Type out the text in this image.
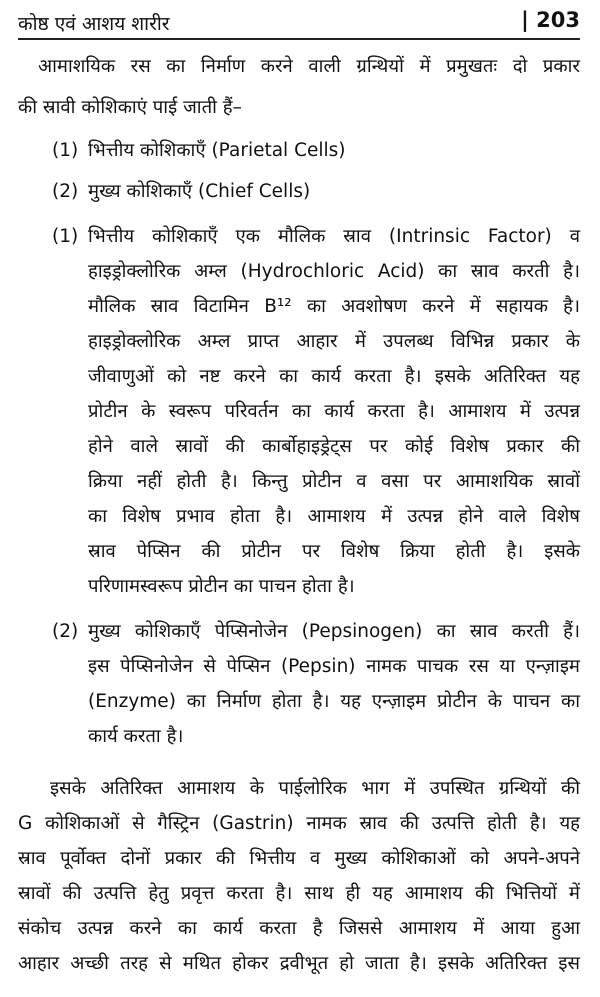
कोष्ठ एवं आशय शारीर	| 203
आमाशयिक रस का निर्माण करने वाली ग्रन्थियों में प्रमुखतः दो प्रकार
की स्रावी कोशिकाएं पाई जाती हैं–
(1) भित्तीय कोशिकाएँ (Parietal Cells)
(2) मुख्य कोशिकाएँ (Chief Cells)
(1) भित्तीय कोशिकाएँ एक मौलिक स्राव (Intrinsic Factor) व
हाइड्रोक्लोरिक अम्ल (Hydrochloric Acid) का स्राव करती है।
मौलिक स्राव विटामिन B¹² का अवशोषण करने में सहायक है।
हाइड्रोक्लोरिक अम्ल प्राप्त आहार में उपलब्ध विभिन्न प्रकार के
जीवाणुओं को नष्ट करने का कार्य करता है। इसके अतिरिक्त यह
प्रोटीन के स्वरूप परिवर्तन का कार्य करता है। आमाशय में उत्पन्न
होने वाले स्रावों की कार्बोहाइड्रेट्स पर कोई विशेष प्रकार की
क्रिया नहीं होती है। किन्तु प्रोटीन व वसा पर आमाशयिक स्रावों
का विशेष प्रभाव होता है। आमाशय में उत्पन्न होने वाले विशेष
स्राव पेप्सिन की प्रोटीन पर विशेष क्रिया होती है। इसके
परिणामस्वरूप प्रोटीन का पाचन होता है।
(2) मुख्य कोशिकाएँ पेप्सिनोजेन (Pepsinogen) का स्राव करती हैं।
इस पेप्सिनोजेन से पेप्सिन (Pepsin) नामक पाचक रस या एन्ज़ाइम
(Enzyme) का निर्माण होता है। यह एन्ज़ाइम प्रोटीन के पाचन का
कार्य करता है।
इसके अतिरिक्त आमाशय के पाईलोरिक भाग में उपस्थित ग्रन्थियों की
G कोशिकाओं से गैस्ट्रिन (Gastrin) नामक स्राव की उत्पत्ति होती है। यह
स्राव पूर्वोक्त दोनों प्रकार की भित्तीय व मुख्य कोशिकाओं को अपने-अपने
स्रावों की उत्पत्ति हेतु प्रवृत्त करता है। साथ ही यह आमाशय की भित्तियों में
संकोच उत्पन्न करने का कार्य करता है जिससे आमाशय में आया हुआ
आहार अच्छी तरह से मथित होकर द्रवीभूत हो जाता है। इसके अतिरिक्त इस
